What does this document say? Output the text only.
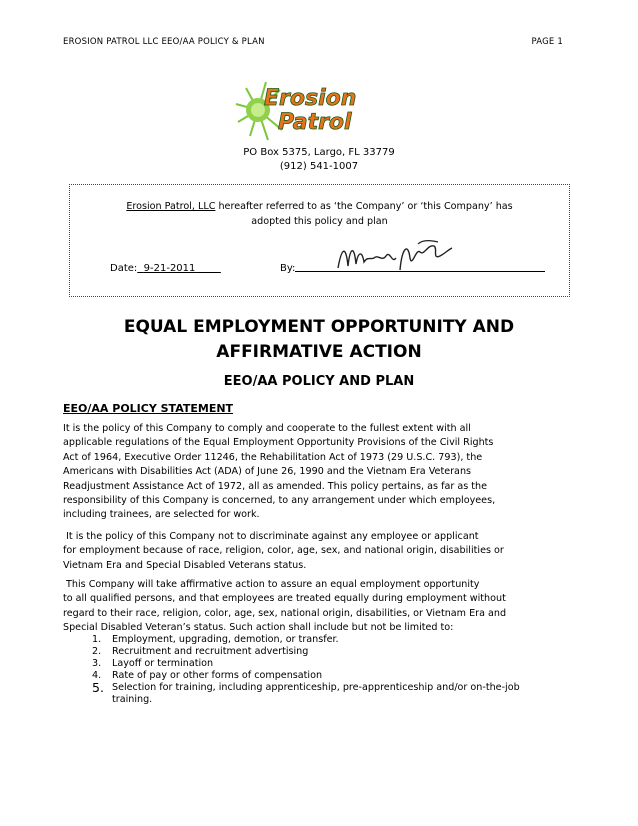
EROSION PATROL LLC EEO/AA POLICY & PLAN	PAGE 1
Erosion
Patrol
PO Box 5375, Largo, FL 33779
(912) 541-1007
Erosion Patrol, LLC hereafter referred to as ‘the Company’ or ‘this Company’ has
adopted this policy and plan
Date: 9-21-2011	By:
EQUAL EMPLOYMENT OPPORTUNITY AND
AFFIRMATIVE ACTION
EEO/AA POLICY AND PLAN
EEO/AA POLICY STATEMENT
It is the policy of this Company to comply and cooperate to the fullest extent with all
applicable regulations of the Equal Employment Opportunity Provisions of the Civil Rights
Act of 1964, Executive Order 11246, the Rehabilitation Act of 1973 (29 U.S.C. 793), the
Americans with Disabilities Act (ADA) of June 26, 1990 and the Vietnam Era Veterans
Readjustment Assistance Act of 1972, all as amended. This policy pertains, as far as the
responsibility of this Company is concerned, to any arrangement under which employees,
including trainees, are selected for work.
It is the policy of this Company not to discriminate against any employee or applicant
for employment because of race, religion, color, age, sex, and national origin, disabilities or
Vietnam Era and Special Disabled Veterans status.
This Company will take affirmative action to assure an equal employment opportunity
to all qualified persons, and that employees are treated equally during employment without
regard to their race, religion, color, age, sex, national origin, disabilities, or Vietnam Era and
Special Disabled Veteran’s status. Such action shall include but not be limited to:
1.	Employment, upgrading, demotion, or transfer.
2.	Recruitment and recruitment advertising
3.	Layoff or termination
4.	Rate of pay or other forms of compensation
5. Selection for training, including apprenticeship, pre-apprenticeship and/or on-the-job
training.
